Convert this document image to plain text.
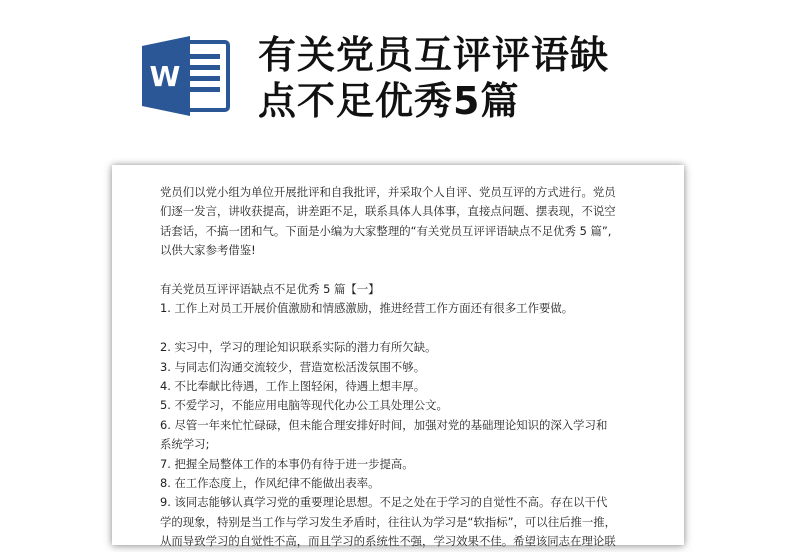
W 有关党员互评评语缺
点不足优秀5篇

党员们以党小组为单位开展批评和自我批评，并采取个人自评、党员互评的方式进行。党员

们逐一发言，讲收获提高，讲差距不足，联系具体人具体事，直接点问题、摆表现，不说空

话套话，不搞一团和气。下面是小编为大家整理的“有关党员互评评语缺点不足优秀 5 篇”,

以供大家参考借鉴!

有关党员互评评语缺点不足优秀 5 篇【一】

1. 工作上对员工开展价值激励和情感激励，推进经营工作方面还有很多工作要做。

2. 实习中，学习的理论知识联系实际的潜力有所欠缺。

3. 与同志们沟通交流较少，营造宽松活泼氛围不够。

4. 不比奉献比待遇，工作上图轻闲，待遇上想丰厚。

5. 不爱学习，不能应用电脑等现代化办公工具处理公文。

6. 尽管一年来忙忙碌碌，但未能合理安排好时间，加强对党的基础理论知识的深入学习和

系统学习;

7. 把握全局整体工作的本事仍有待于进一步提高。

8. 在工作态度上，作风纪律不能做出表率。

9. 该同志能够认真学习党的重要理论思想。不足之处在于学习的自觉性不高。存在以干代

学的现象，特别是当工作与学习发生矛盾时，往往认为学习是“软指标”，可以往后推一推，

从而导致学习的自觉性不高，而且学习的系统性不强，学习效果不佳。希望该同志在理论联
